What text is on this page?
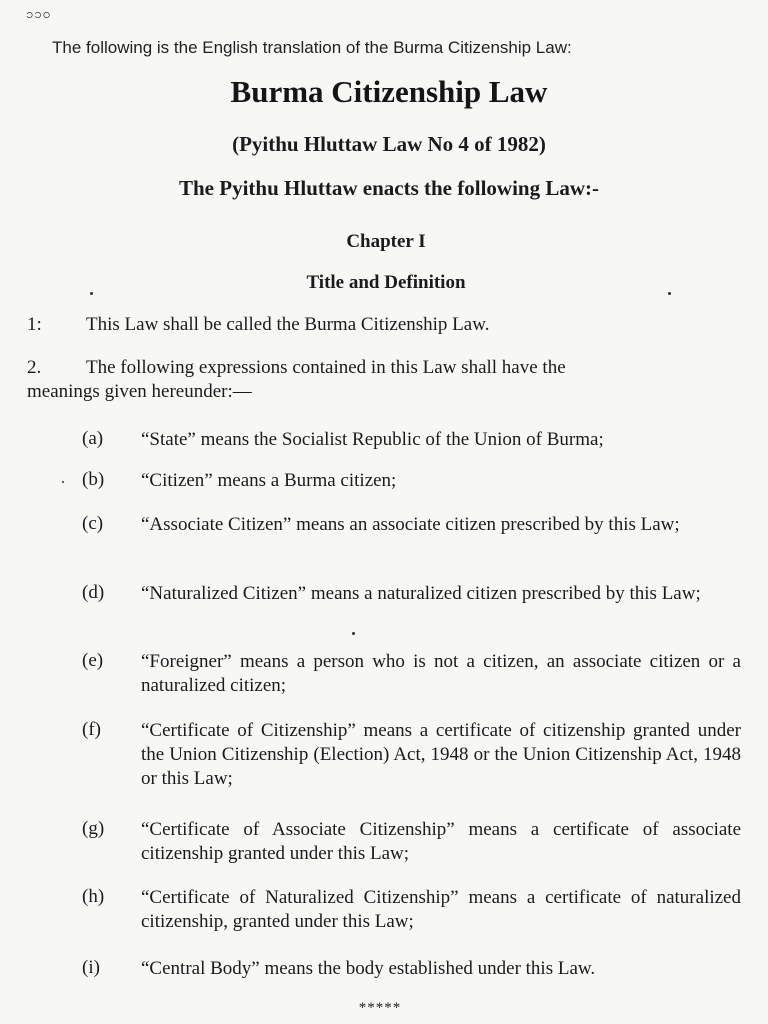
၁၁၀
The following is the English translation of the Burma Citizenship Law:
Burma Citizenship Law
(Pyithu Hluttaw Law No 4 of 1982)
The Pyithu Hluttaw enacts the following Law:-
Chapter I
Title and Definition
1: This Law shall be called the Burma Citizenship Law.
2. The following expressions contained in this Law shall have the
meanings given hereunder:—
(a) “State” means the Socialist Republic of the Union of Burma;
(b) “Citizen” means a Burma citizen;
(c) “Associate Citizen” means an associate citizen prescribed by this Law;
(d) “Naturalized Citizen” means a naturalized citizen prescribed by this Law;
(e) “Foreigner” means a person who is not a citizen, an associate citizen or a naturalized citizen;
(f) “Certificate of Citizenship” means a certificate of citizenship granted under the Union Citizenship (Election) Act, 1948 or the Union Citizenship Act, 1948 or this Law;
(g) “Certificate of Associate Citizenship” means a certificate of associate citizenship granted under this Law;
(h) “Certificate of Naturalized Citizenship” means a certificate of naturalized citizenship, granted under this Law;
(i) “Central Body” means the body established under this Law.
*****
